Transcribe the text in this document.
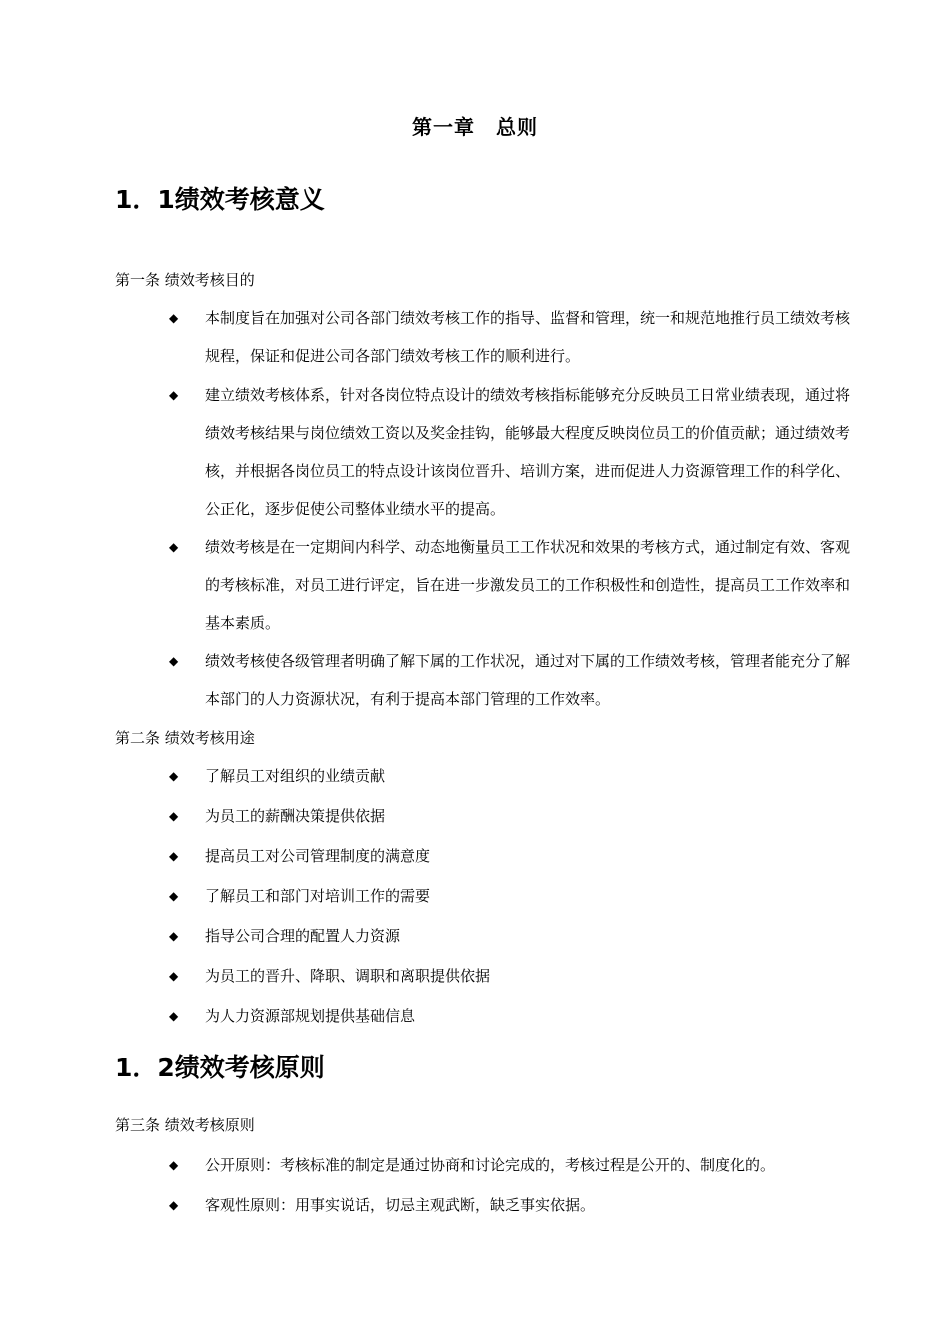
第一章　总则
1．1绩效考核意义
第一条 绩效考核目的
◆ 本制度旨在加强对公司各部门绩效考核工作的指导、监督和管理，统一和规范地推行员工绩效考核规程，保证和促进公司各部门绩效考核工作的顺利进行。
◆ 建立绩效考核体系，针对各岗位特点设计的绩效考核指标能够充分反映员工日常业绩表现，通过将绩效考核结果与岗位绩效工资以及奖金挂钩，能够最大程度反映岗位员工的价值贡献；通过绩效考核，并根据各岗位员工的特点设计该岗位晋升、培训方案，进而促进人力资源管理工作的科学化、公正化，逐步促使公司整体业绩水平的提高。
◆ 绩效考核是在一定期间内科学、动态地衡量员工工作状况和效果的考核方式，通过制定有效、客观的考核标准，对员工进行评定，旨在进一步激发员工的工作积极性和创造性，提高员工工作效率和基本素质。
◆ 绩效考核使各级管理者明确了解下属的工作状况，通过对下属的工作绩效考核，管理者能充分了解本部门的人力资源状况，有利于提高本部门管理的工作效率。
第二条 绩效考核用途
◆ 了解员工对组织的业绩贡献
◆ 为员工的薪酬决策提供依据
◆ 提高员工对公司管理制度的满意度
◆ 了解员工和部门对培训工作的需要
◆ 指导公司合理的配置人力资源
◆ 为员工的晋升、降职、调职和离职提供依据
◆ 为人力资源部规划提供基础信息
1．2绩效考核原则
第三条 绩效考核原则
◆ 公开原则：考核标准的制定是通过协商和讨论完成的，考核过程是公开的、制度化的。
◆ 客观性原则：用事实说话，切忌主观武断，缺乏事实依据。
